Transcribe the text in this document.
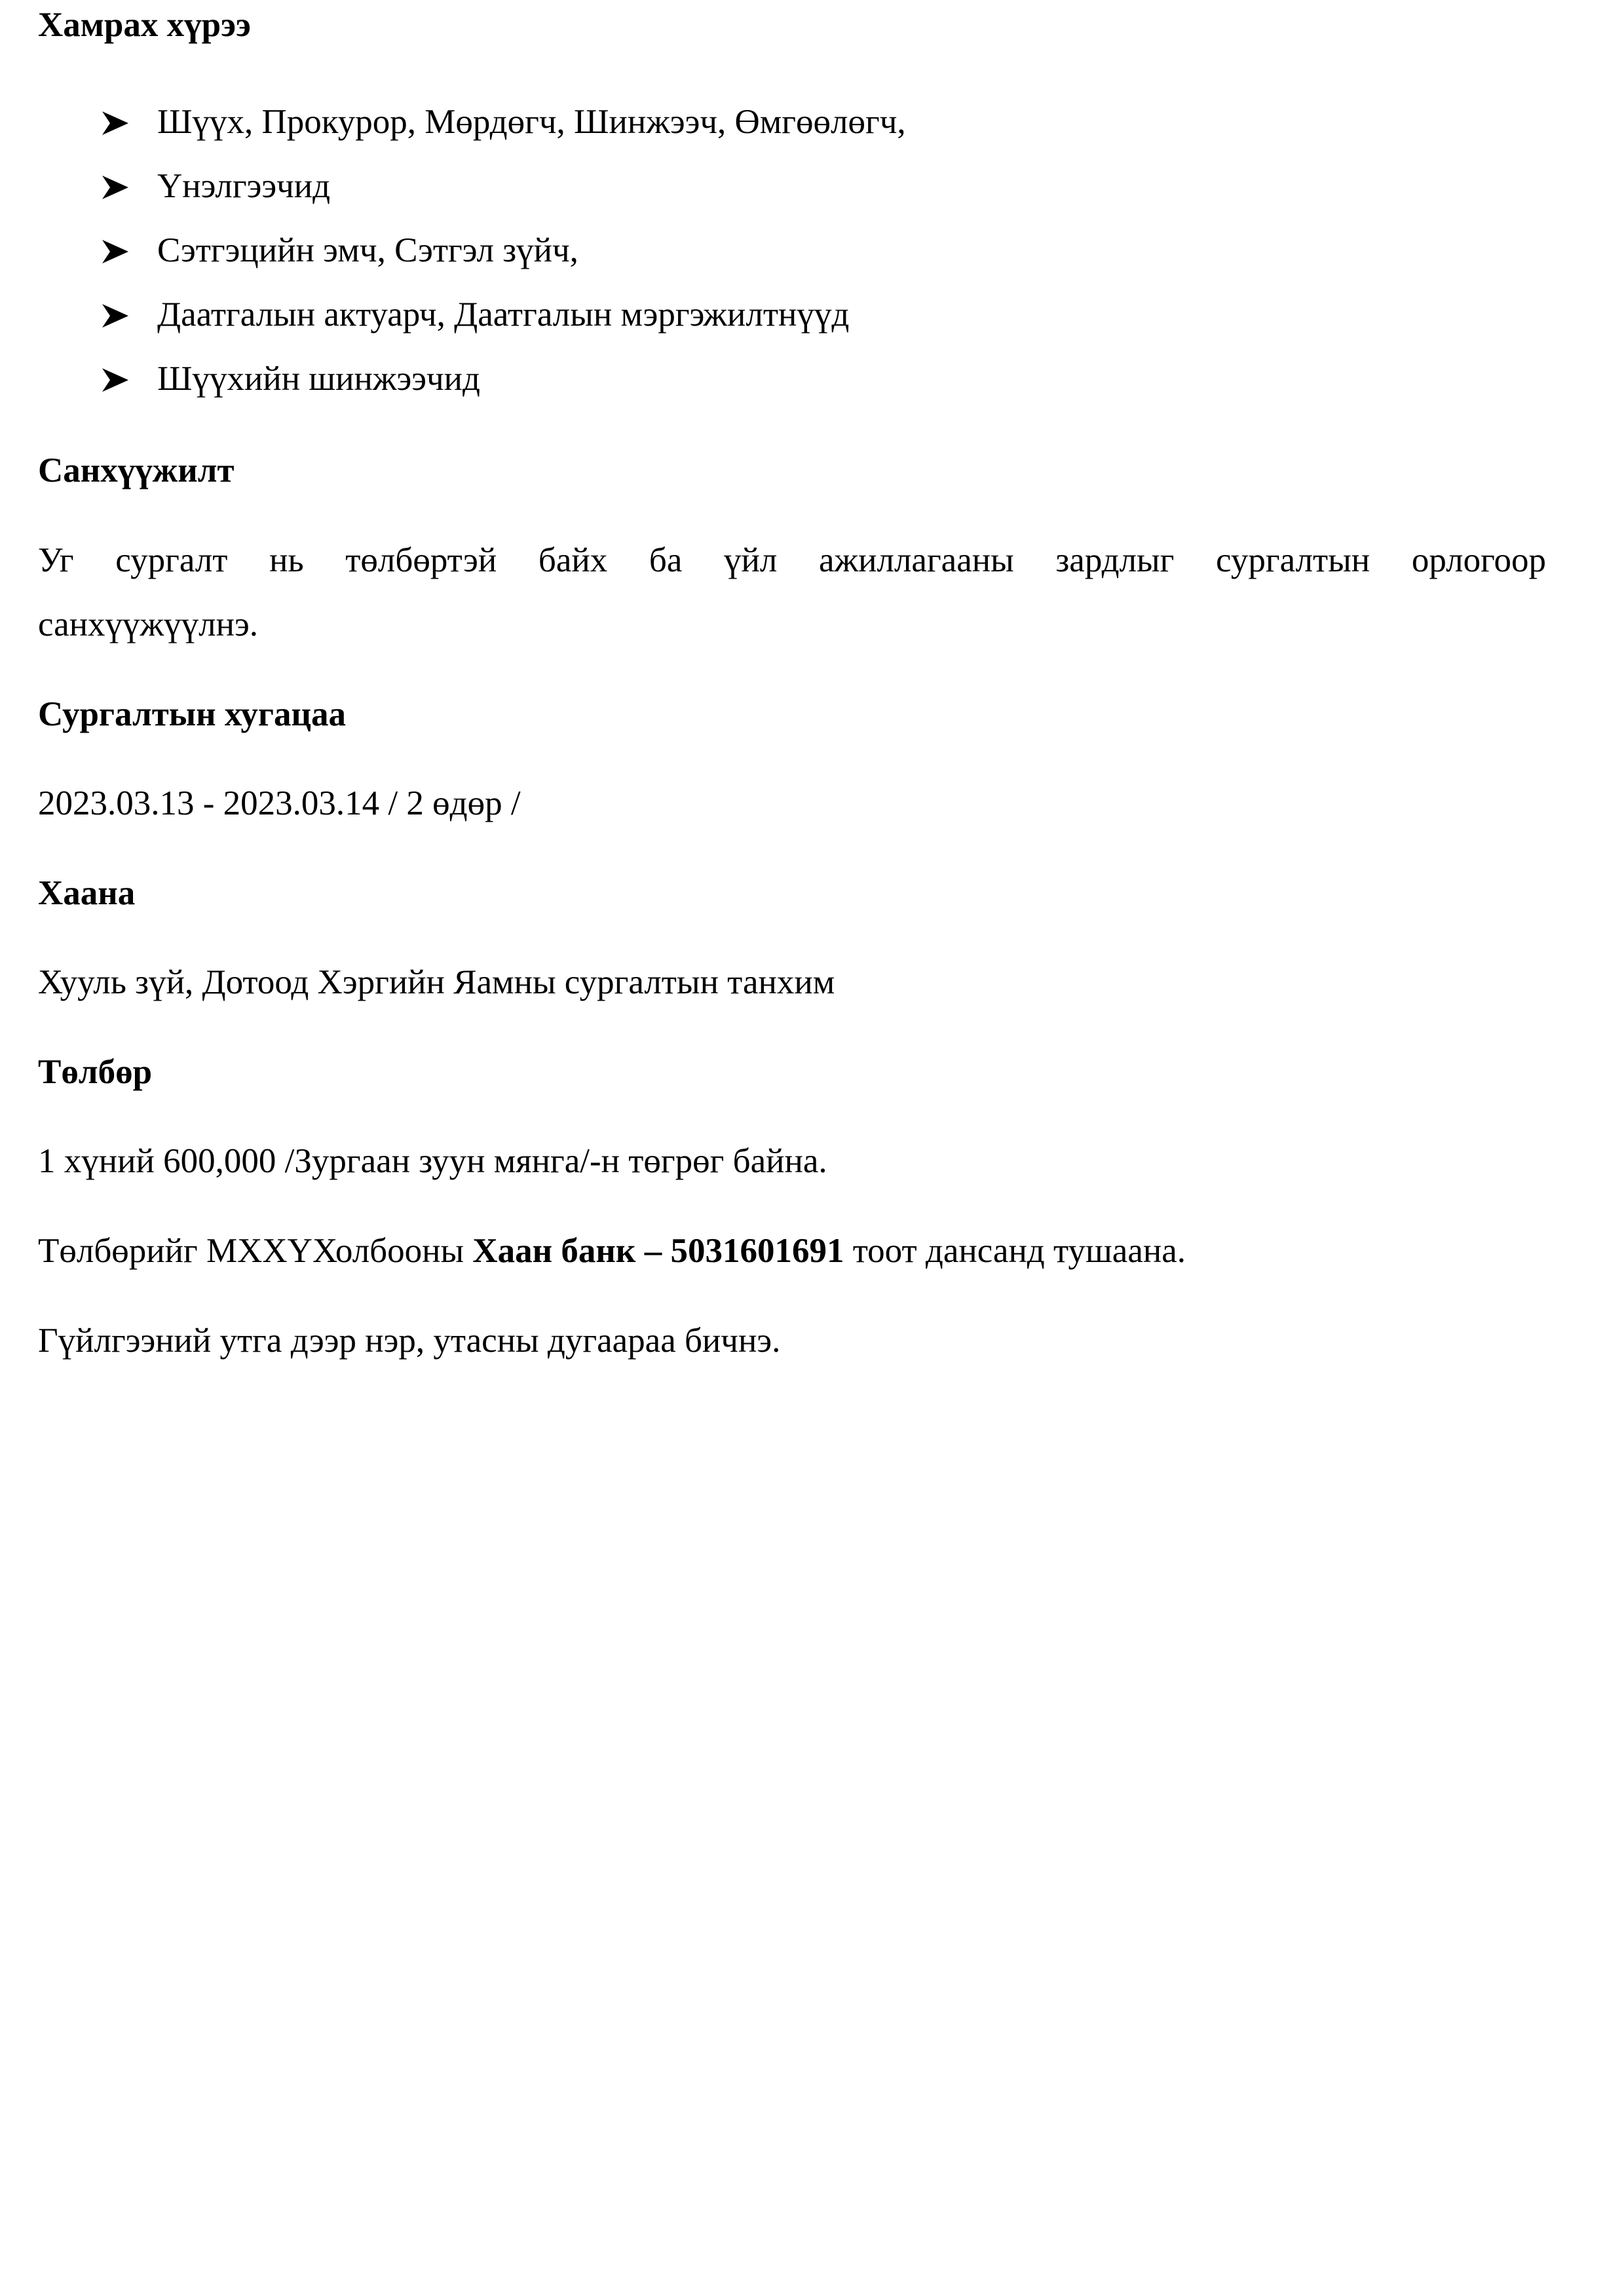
Хамрах хүрээ
Шүүх, Прокурор, Мөрдөгч, Шинжээч, Өмгөөлөгч,
Үнэлгээчид
Сэтгэцийн эмч, Сэтгэл зүйч,
Даатгалын актуарч, Даатгалын мэргэжилтнүүд
Шүүхийн шинжээчид
Санхүүжилт
Уг сургалт нь төлбөртэй байх ба үйл ажиллагааны зардлыг сургалтын орлогоор
санхүүжүүлнэ.
Сургалтын хугацаа
2023.03.13 - 2023.03.14 / 2 өдөр /
Хаана
Хууль зүй, Дотоод Хэргийн Яамны сургалтын танхим
Төлбөр
1 хүний 600,000 /Зургаан зуун мянга/-н төгрөг байна.
Төлбөрийг МХХҮХолбооны Хаан банк – 5031601691 тоот дансанд тушаана.
Гүйлгээний утга дээр нэр, утасны дугаараа бичнэ.
